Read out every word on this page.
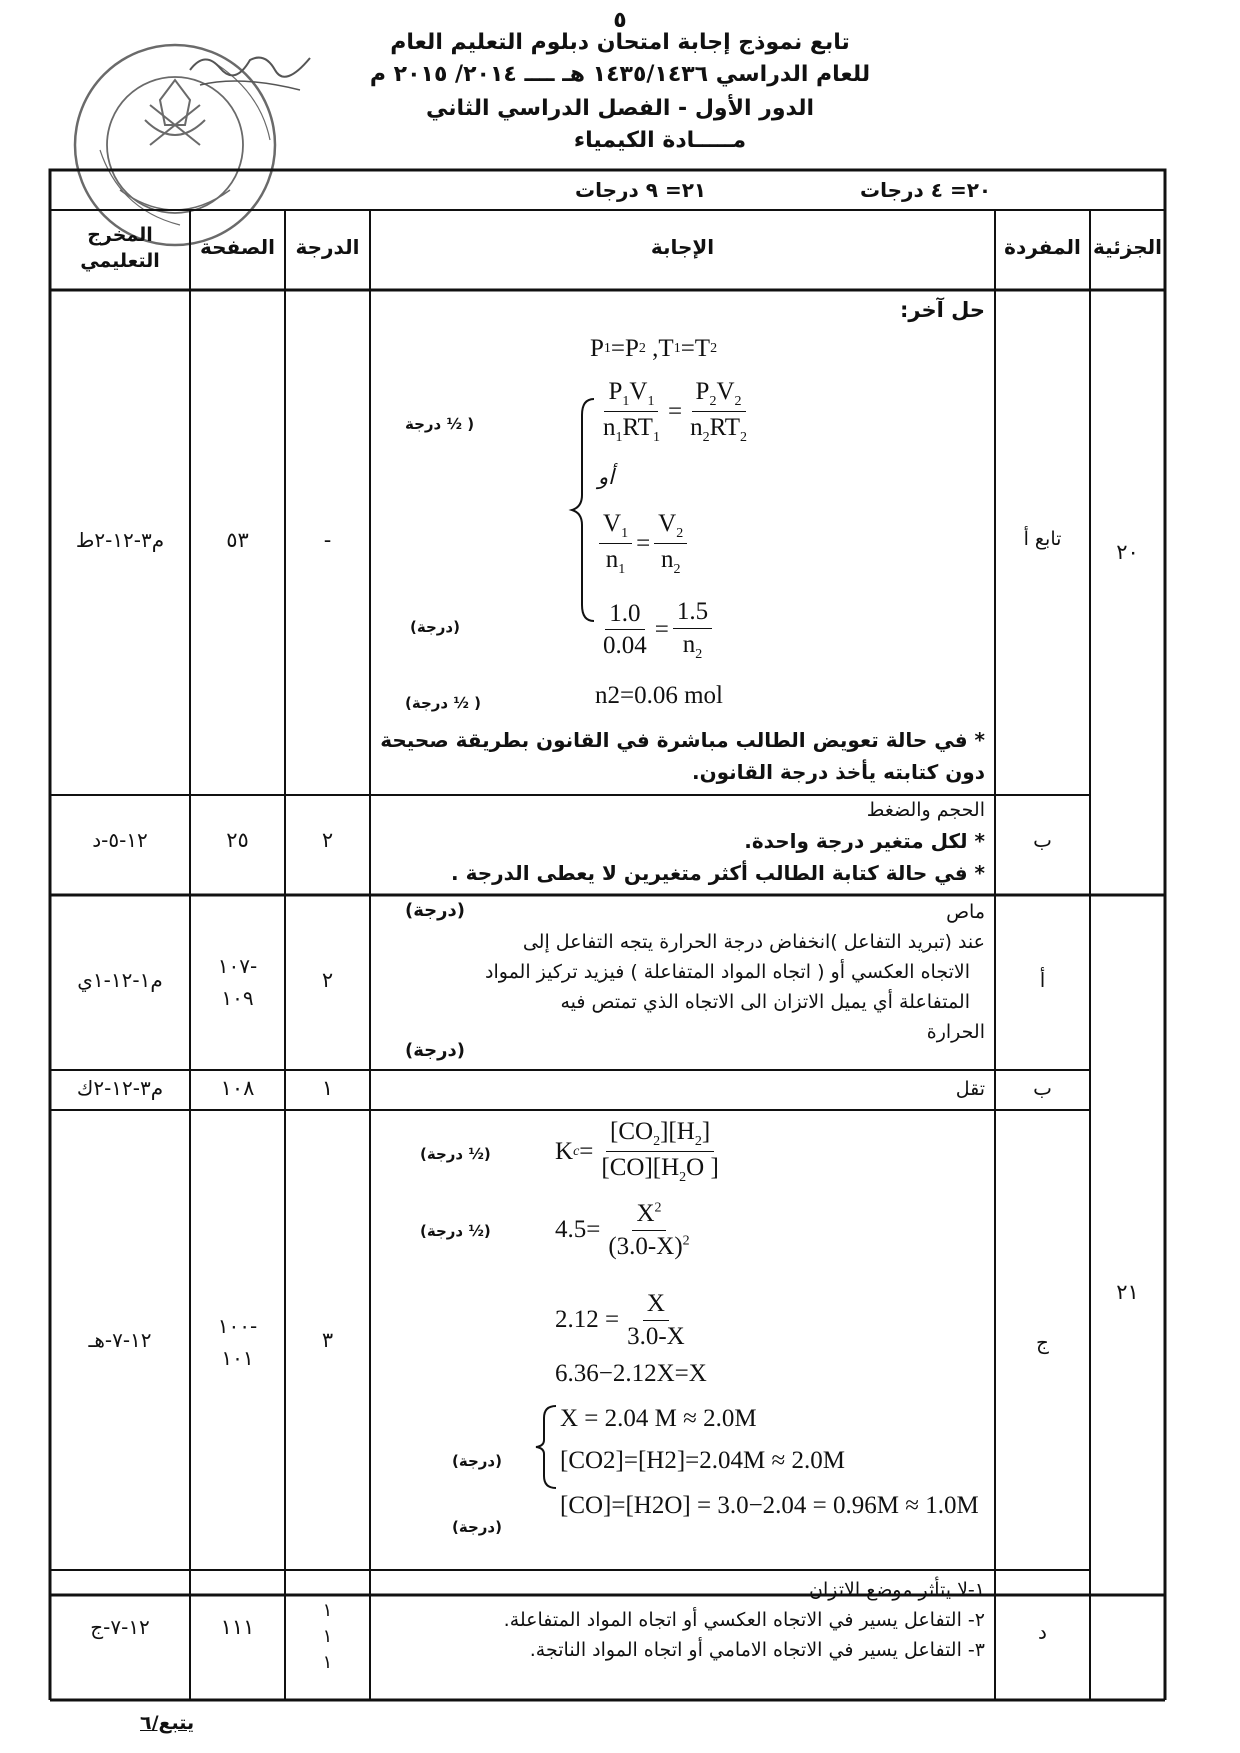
٥
تابع نموذج إجابة امتحان دبلوم التعليم العام
للعام الدراسي ١٤٣٥/١٤٣٦ هـ ــــ ٢٠١٤/ ٢٠١٥ م
الدور الأول - الفصل الدراسي الثاني
مـــــادة الكيمياء
٢٠= ٤ درجات
٢١= ٩ درجات
الجزئية
المفردة
الإجابة
الدرجة
الصفحة
المخرج التعليمي
٢٠
تابع أ
-
٥٣
م٣-١٢-٢ط
حل آخر:
P 1 =P 2 ,T 1 =T 2
$\frac{P_1V_1}{n_1RT_1} = \frac{P_2V_2}{n_2RT_2}$
أو
$\frac{V_1}{n_1} = \frac{V_2}{n_2}$
$\frac{1.0}{0.04} = \frac{1.5}{n_2}$
n2=0.06 mol
( ½ درجة
(درجة)
( ½ درجة)
* في حالة تعويض الطالب مباشرة في القانون بطريقة صحيحة
دون كتابته يأخذ درجة القانون.
ب
٢
٢٥
١٢-٥-د
الحجم والضغط
* لكل متغير درجة واحدة.
* في حالة كتابة الطالب أكثر متغيرين لا يعطى الدرجة .
٢١
أ
٢
-١٠٧
١٠٩
م١-١٢-١ي
(درجة)	ماص
عند (تبريد التفاعل )انخفاض درجة الحرارة يتجه التفاعل إلى
الاتجاه العكسي أو ( اتجاه المواد المتفاعلة ) فيزيد تركيز المواد
المتفاعلة أي يميل الاتزان الى الاتجاه الذي تمتص فيه
الحرارة
(درجة)
ب
١
١٠٨
م٣-١٢-٢ك	تقل
ج
٣
-١٠٠
١٠١
١٢-٧-هـ
(½ درجة)
(½ درجة)
(درجة)
(درجة)
K $c = \frac{[CO_2][H_2]}{[CO][H_2O ]}$
$4.5= \frac{X^2}{(3.0-X)^2}$
$2.12 = \frac{X}{3.0-X}$
6.36−2.12X=X
X = 2.04 M ≈ 2.0M
[CO2]=[H2]=2.04M ≈ 2.0M
[CO]=[H2O] = 3.0−2.04 = 0.96M ≈ 1.0M
د
١
١
١
١١١
١٢-٧-ج
١-لا يتأثر موضع الاتزان.
٢- التفاعل يسير في الاتجاه العكسي أو اتجاه المواد المتفاعلة.
٣- التفاعل يسير في الاتجاه الامامي أو اتجاه المواد الناتجة.
يتبع/٦
